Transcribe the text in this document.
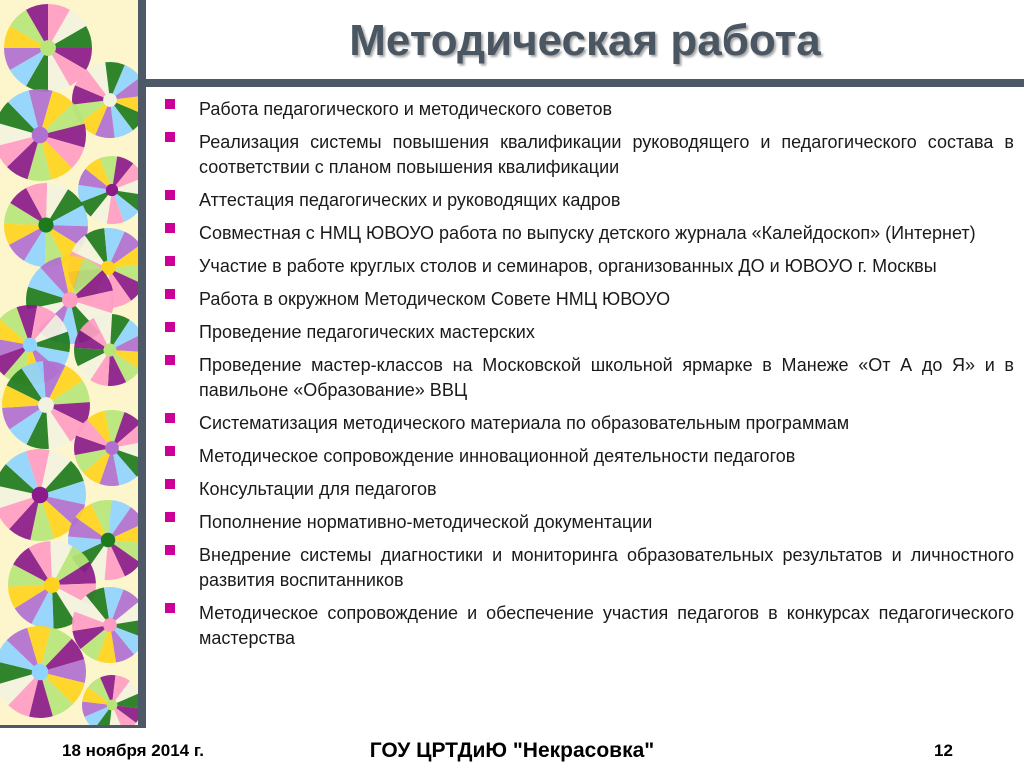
Методическая работа
Работа педагогического и методического советов
Реализация системы повышения квалификации руководящего и педагогического состава в соответствии с планом повышения квалификации
Аттестация педагогических и руководящих кадров
Совместная с НМЦ ЮВОУО работа по выпуску детского журнала «Калейдоскоп» (Интернет)
Участие в работе круглых столов и семинаров, организованных ДО и ЮВОУО г. Москвы
Работа в окружном Методическом Совете НМЦ ЮВОУО
Проведение педагогических мастерских
Проведение мастер-классов на Московской школьной ярмарке в Манеже «От А до Я» и в павильоне «Образование» ВВЦ
Систематизация методического материала по образовательным программам
Методическое сопровождение инновационной деятельности педагогов
Консультации для педагогов
Пополнение нормативно-методической документации
Внедрение системы диагностики и мониторинга образовательных результатов и личностного развития воспитанников
Методическое сопровождение и обеспечение участия педагогов в конкурсах педагогического мастерства
18 ноября 2014 г.	ГОУ ЦРТДиЮ "Некрасовка"	12
